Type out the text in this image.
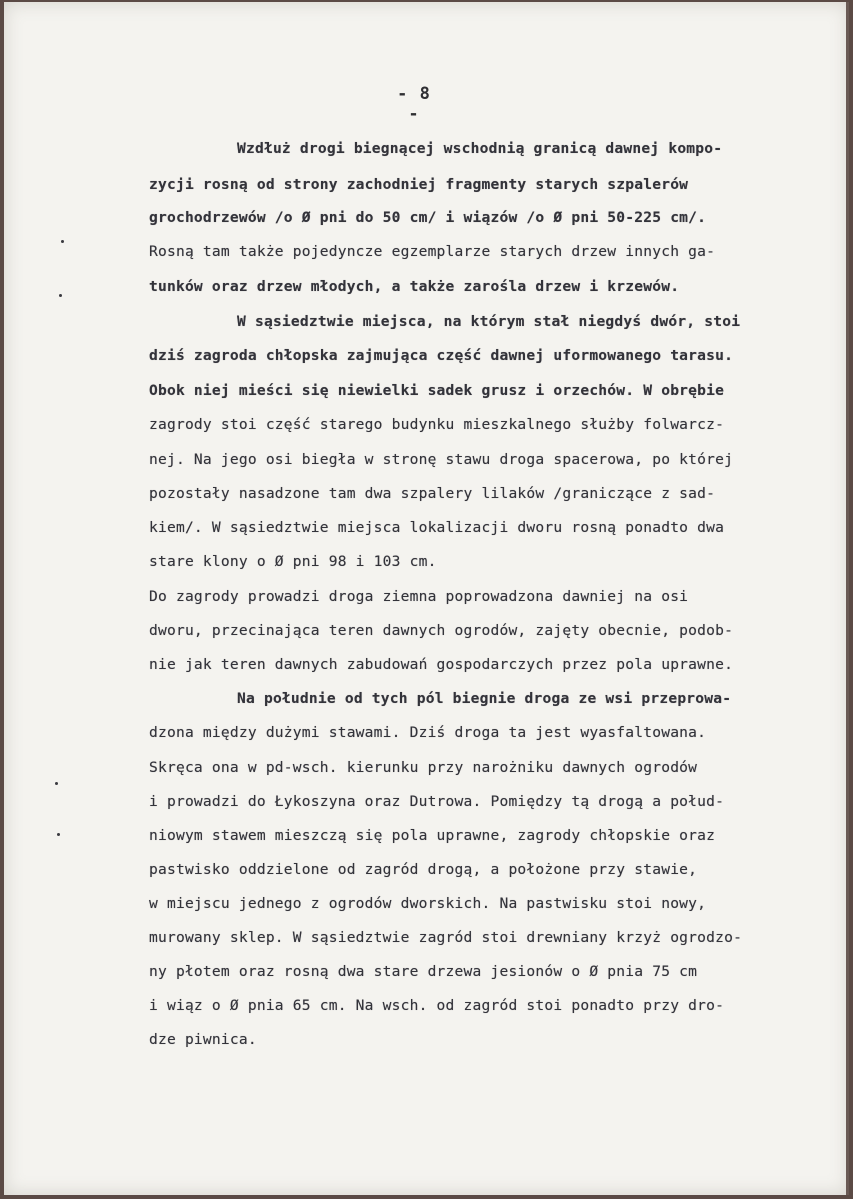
- 8 -
Wzdłuż drogi biegnącej wschodnią granicą dawnej kompo-
zycji rosną od strony zachodniej fragmenty starych szpalerów
grochodrzewów /o Ø pni do 50 cm/ i wiązów /o Ø pni 50-225 cm/.
Rosną tam także pojedyncze egzemplarze starych drzew innych ga-
tunków oraz drzew młodych, a także zarośla drzew i krzewów.
W sąsiedztwie miejsca, na którym stał niegdyś dwór, stoi
dziś zagroda chłopska zajmująca część dawnej uformowanego tarasu.
Obok niej mieści się niewielki sadek grusz i orzechów. W obrębie
zagrody stoi część starego budynku mieszkalnego służby folwarcz-
nej. Na jego osi biegła w stronę stawu droga spacerowa, po której
pozostały nasadzone tam dwa szpalery lilaków /graniczące z sad-
kiem/. W sąsiedztwie miejsca lokalizacji dworu rosną ponadto dwa
stare klony o Ø pni 98 i 103 cm.
Do zagrody prowadzi droga ziemna poprowadzona dawniej na osi
dworu, przecinająca teren dawnych ogrodów, zajęty obecnie, podob-
nie jak teren dawnych zabudowań gospodarczych przez pola uprawne.
Na południe od tych pól biegnie droga ze wsi przeprowa-
dzona między dużymi stawami. Dziś droga ta jest wyasfaltowana.
Skręca ona w pd-wsch. kierunku przy narożniku dawnych ogrodów
i prowadzi do Łykoszyna oraz Dutrowa. Pomiędzy tą drogą a połud-
niowym stawem mieszczą się pola uprawne, zagrody chłopskie oraz
pastwisko oddzielone od zagród drogą, a położone przy stawie,
w miejscu jednego z ogrodów dworskich. Na pastwisku stoi nowy,
murowany sklep. W sąsiedztwie zagród stoi drewniany krzyż ogrodzo-
ny płotem oraz rosną dwa stare drzewa jesionów o Ø pnia 75 cm
i wiąz o Ø pnia 65 cm. Na wsch. od zagród stoi ponadto przy dro-
dze piwnica.
